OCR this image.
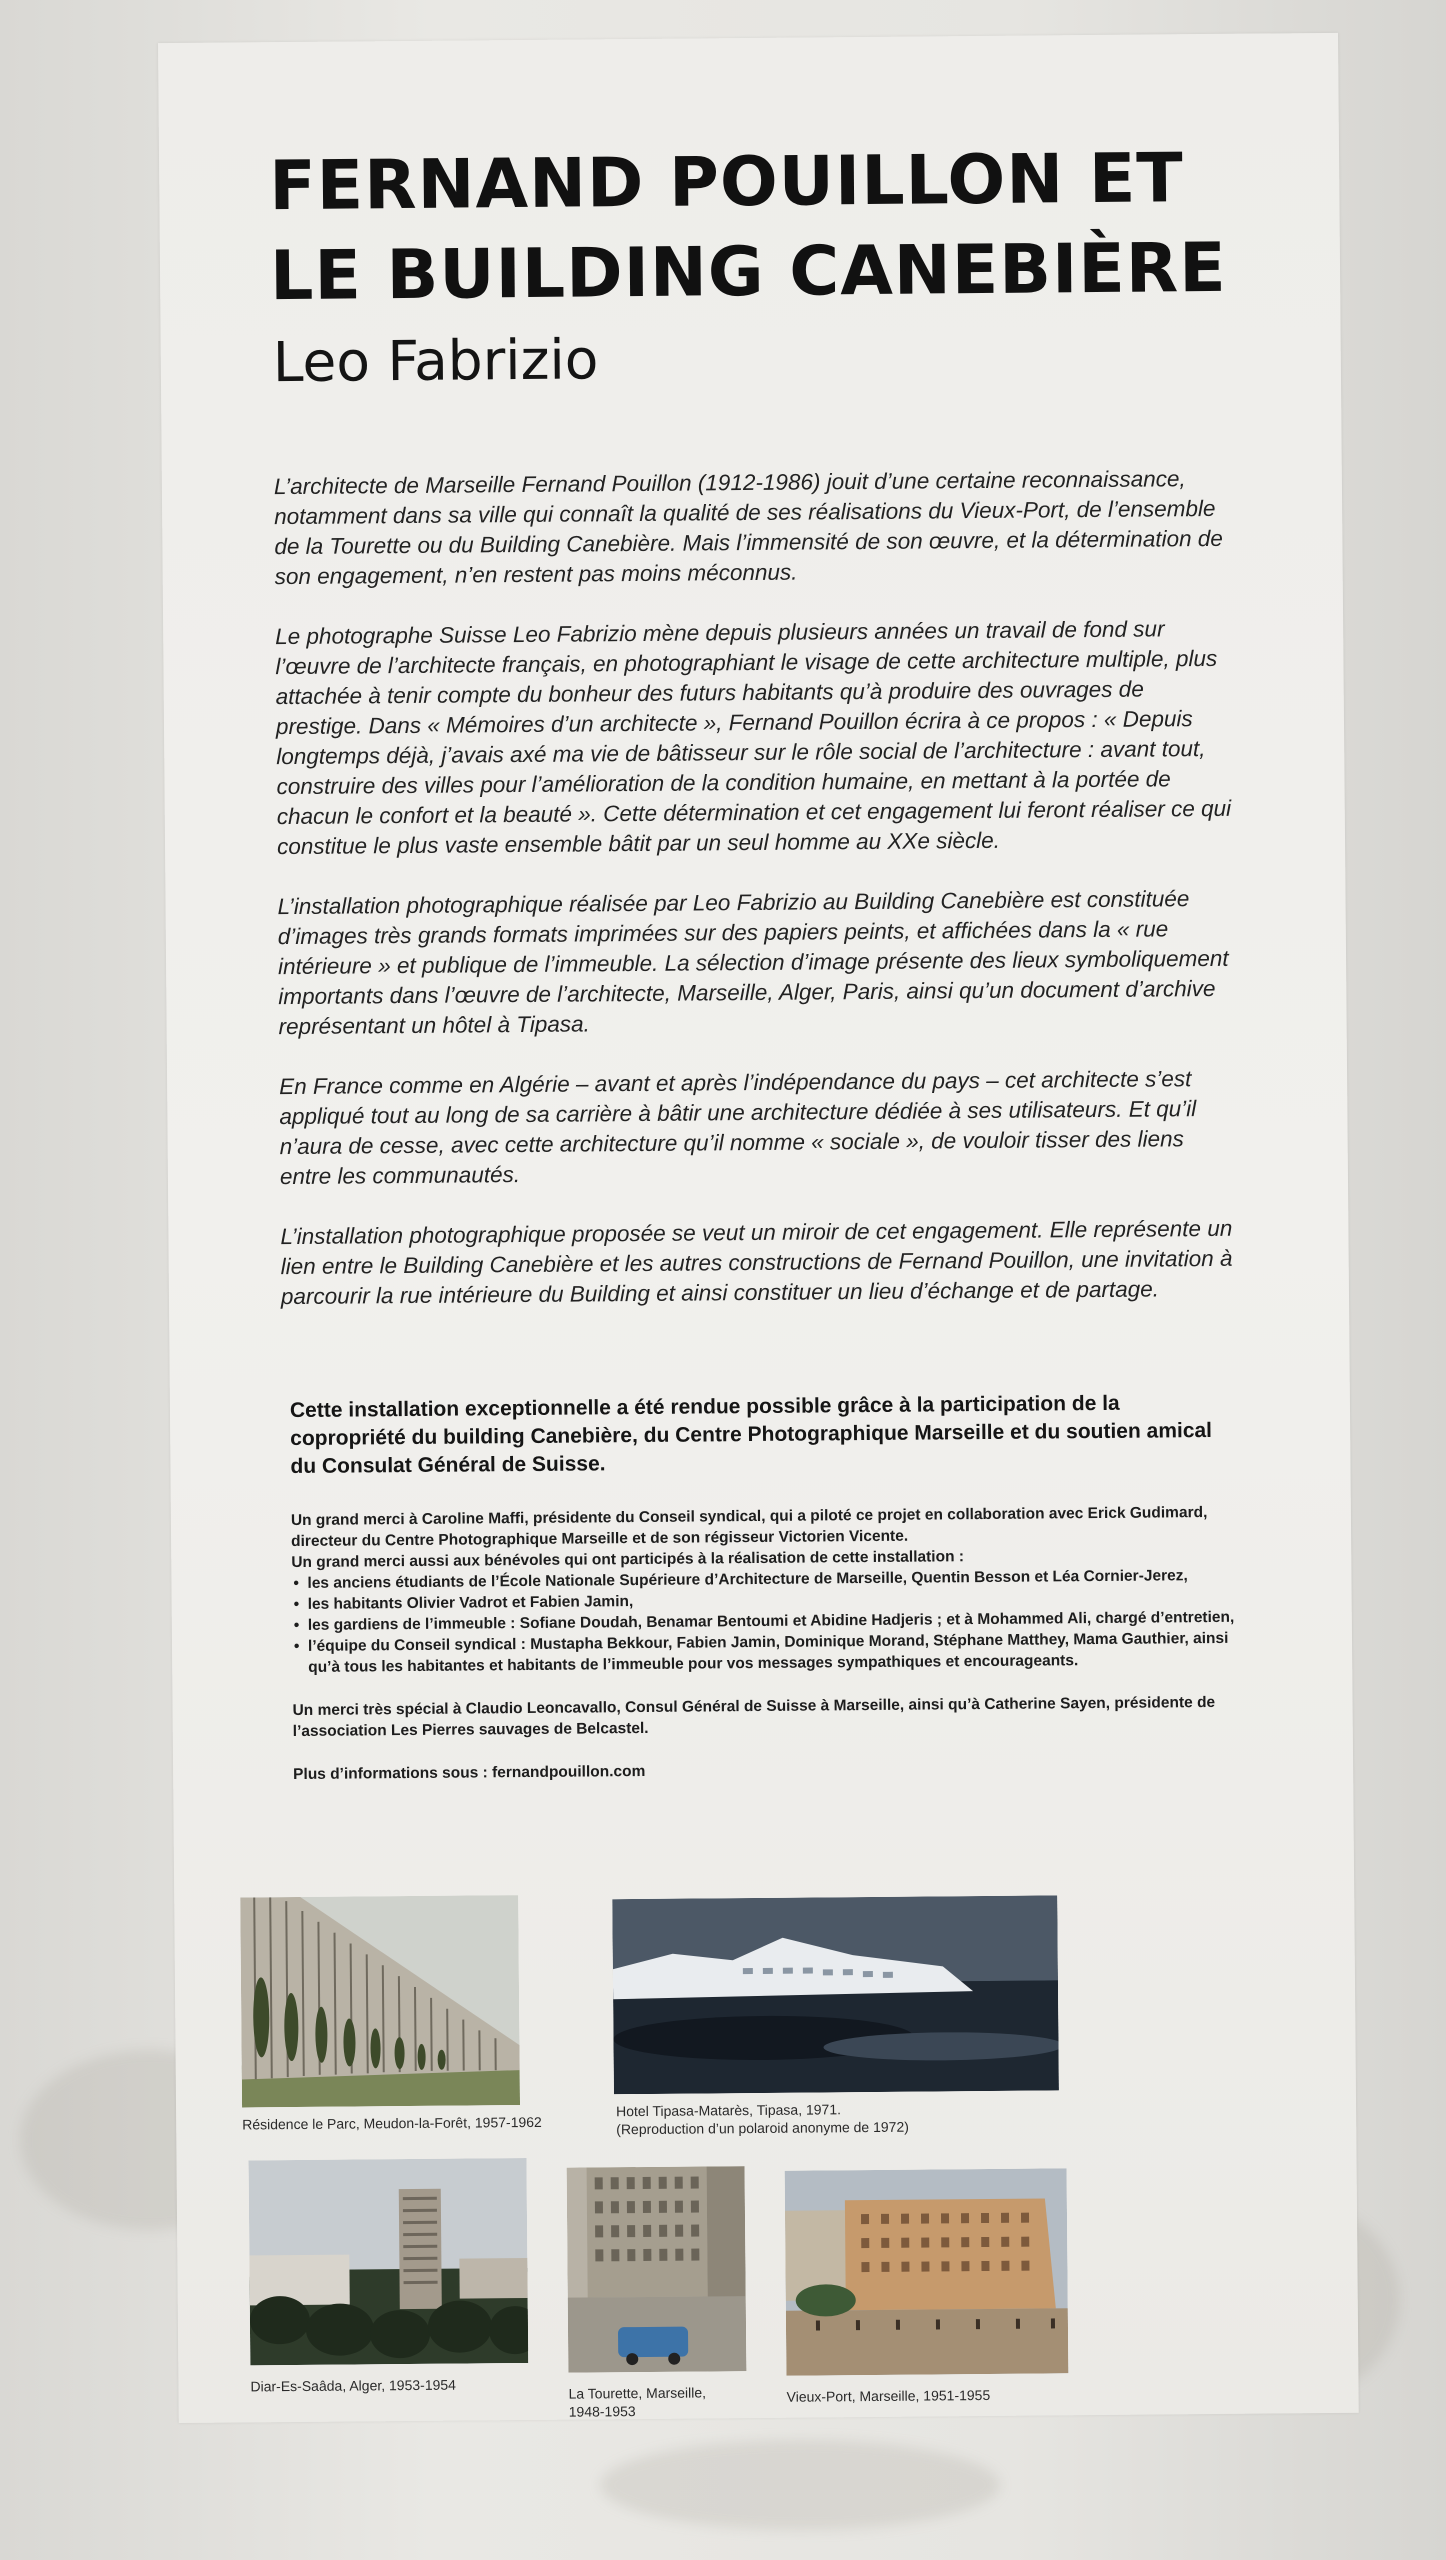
FERNAND POUILLON ET
LE BUILDING CANEBIÈRE
Leo Fabrizio

L’architecte de Marseille Fernand Pouillon (1912-1986) jouit d’une certaine reconnaissance, notamment dans sa ville qui connaît la qualité de ses réalisations du Vieux-Port, de l’ensemble de la Tourette ou du Building Canebière. Mais l’immensité de son œuvre, et la détermination de son engagement, n’en restent pas moins méconnus.

Le photographe Suisse Leo Fabrizio mène depuis plusieurs années un travail de fond sur l’œuvre de l’architecte français, en photographiant le visage de cette architecture multiple, plus attachée à tenir compte du bonheur des futurs habitants qu’à produire des ouvrages de prestige. Dans « Mémoires d’un architecte », Fernand Pouillon écrira à ce propos : « Depuis longtemps déjà, j’avais axé ma vie de bâtisseur sur le rôle social de l’architecture : avant tout, construire des villes pour l’amélioration de la condition humaine, en mettant à la portée de chacun le confort et la beauté ». Cette détermination et cet engagement lui feront réaliser ce qui constitue le plus vaste ensemble bâtit par un seul homme au XXe siècle.

L’installation photographique réalisée par Leo Fabrizio au Building Canebière est constituée d’images très grands formats imprimées sur des papiers peints, et affichées dans la « rue intérieure » et publique de l’immeuble. La sélection d’image présente des lieux symboliquement importants dans l’œuvre de l’architecte, Marseille, Alger, Paris, ainsi qu’un document d’archive représentant un hôtel à Tipasa.

En France comme en Algérie – avant et après l’indépendance du pays – cet architecte s’est appliqué tout au long de sa carrière à bâtir une architecture dédiée à ses utilisateurs. Et qu’il n’aura de cesse, avec cette architecture qu’il nomme « sociale », de vouloir tisser des liens entre les communautés.

L’installation photographique proposée se veut un miroir de cet engagement. Elle représente un lien entre le Building Canebière et les autres constructions de Fernand Pouillon, une invitation à parcourir la rue intérieure du Building et ainsi constituer un lieu d’échange et de partage.

Cette installation exceptionnelle a été rendue possible grâce à la participation de la copropriété du building Canebière, du Centre Photographique Marseille et du soutien amical du Consulat Général de Suisse.

Un grand merci à Caroline Maffi, présidente du Conseil syndical, qui a piloté ce projet en collaboration avec Erick Gudimard, directeur du Centre Photographique Marseille et de son régisseur Victorien Vicente.

Un grand merci aussi aux bénévoles qui ont participés à la réalisation de cette installation :

• les anciens étudiants de l’École Nationale Supérieure d’Architecture de Marseille, Quentin Besson et Léa Cornier-Jerez,
• les habitants Olivier Vadrot et Fabien Jamin,
• les gardiens de l’immeuble : Sofiane Doudah, Benamar Bentoumi et Abidine Hadjeris ; et à Mohammed Ali, chargé d’entretien,
• l’équipe du Conseil syndical : Mustapha Bekkour, Fabien Jamin, Dominique Morand, Stéphane Matthey, Mama Gauthier, ainsi qu’à tous les habitantes et habitants de l’immeuble pour vos messages sympathiques et encourageants.

Un merci très spécial à Claudio Leoncavallo, Consul Général de Suisse à Marseille, ainsi qu’à Catherine Sayen, présidente de l’association Les Pierres sauvages de Belcastel.

Plus d’informations sous : fernandpouillon.com

Résidence le Parc, Meudon-la-Forêt, 1957-1962
Hotel Tipasa-Matarès, Tipasa, 1971.
(Reproduction d’un polaroid anonyme de 1972)
Diar-Es-Saâda, Alger, 1953-1954	La Tourette, Marseille,
1948-1953
Vieux-Port, Marseille, 1951-1955
